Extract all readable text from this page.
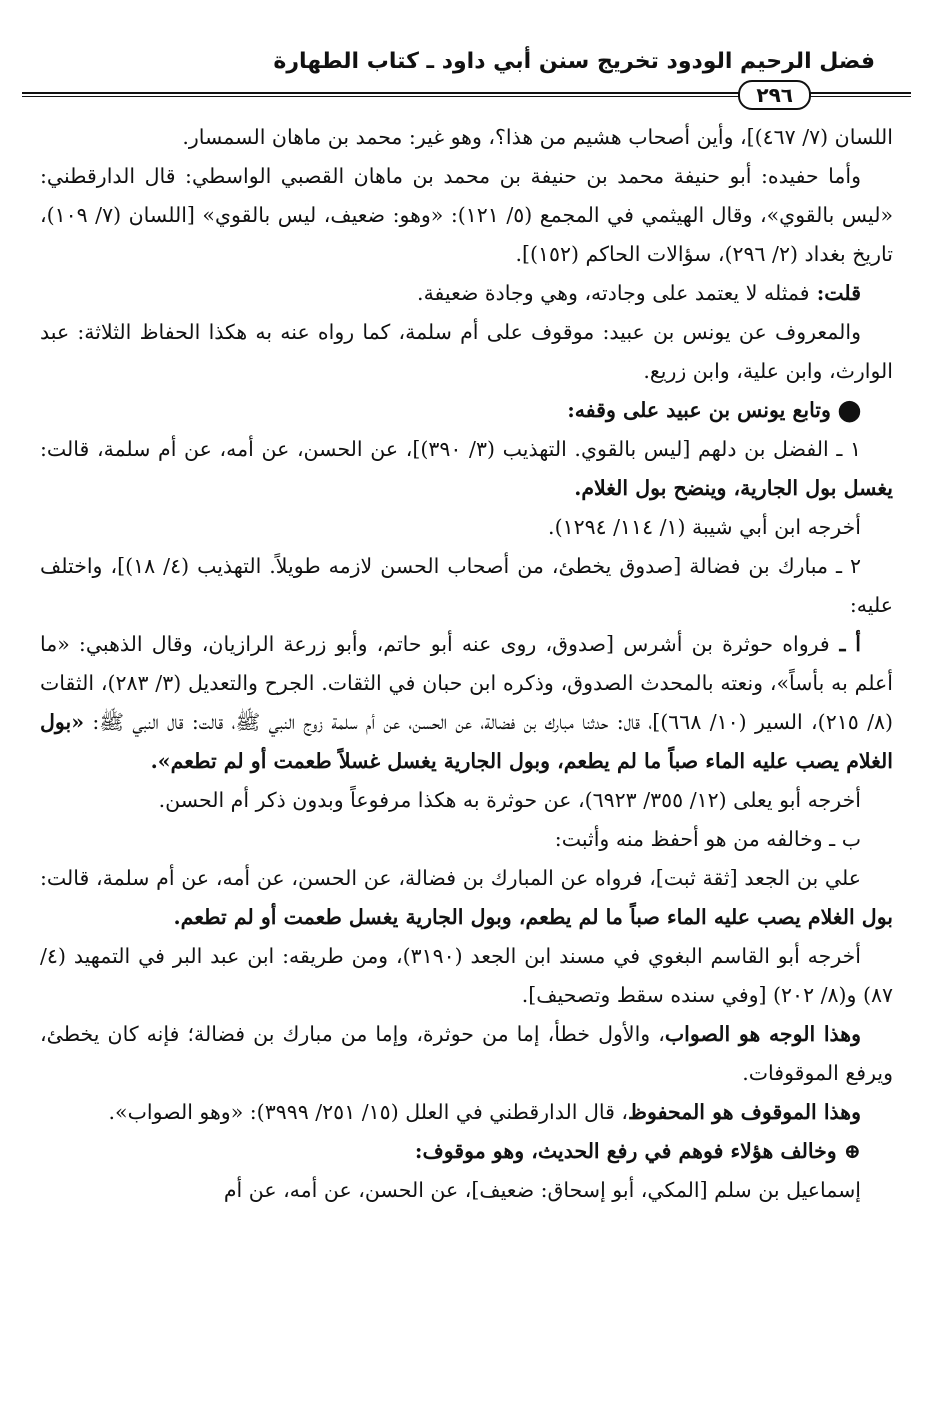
فضل الرحيم الودود تخريج سنن أبي داود ـ كتاب الطهارة
٢٩٦

اللسان (٧/ ٤٦٧)]، وأين أصحاب هشيم من هذا؟، وهو غير: محمد بن ماهان السمسار.

وأما حفيده: أبو حنيفة محمد بن حنيفة بن محمد بن ماهان القصبي الواسطي: قال الدارقطني: «ليس بالقوي»، وقال الهيثمي في المجمع (٥/ ١٢١): «وهو: ضعيف، ليس بالقوي» [اللسان (٧/ ١٠٩)، تاريخ بغداد (٢/ ٢٩٦)، سؤالات الحاكم (١٥٢)].

قلت: فمثله لا يعتمد على وجادته، وهي وجادة ضعيفة.

والمعروف عن يونس بن عبيد: موقوف على أم سلمة، كما رواه عنه به هكذا الحفاظ الثلاثة: عبد الوارث، وابن علية، وابن زريع.

⬤ وتابع يونس بن عبيد على وقفه:

١ ـ الفضل بن دلهم [ليس بالقوي. التهذيب (٣/ ٣٩٠)]، عن الحسن، عن أمه، عن أم سلمة، قالت: يغسل بول الجارية، وينضح بول الغلام.

أخرجه ابن أبي شيبة (١/ ١١٤/ ١٢٩٤).

٢ ـ مبارك بن فضالة [صدوق يخطئ، من أصحاب الحسن لازمه طويلاً. التهذيب (٤/ ١٨)]، واختلف عليه:

أ ـ فرواه حوثرة بن أشرس [صدوق، روى عنه أبو حاتم، وأبو زرعة الرازيان، وقال الذهبي: «ما أعلم به بأساً»، ونعته بالمحدث الصدوق، وذكره ابن حبان في الثقات. الجرح والتعديل (٣/ ٢٨٣)، الثقات (٨/ ٢١٥)، السير (١٠/ ٦٦٨)]، قال: حدثنا مبارك بن فضالة، عن الحسن، عن أم سلمة زوج النبي ﷺ، قالت: قال النبي ﷺ: «بول الغلام يصب عليه الماء صباً ما لم يطعم، وبول الجارية يغسل غسلاً طعمت أو لم تطعم».

أخرجه أبو يعلى (١٢/ ٣٥٥/ ٦٩٢٣)، عن حوثرة به هكذا مرفوعاً وبدون ذكر أم الحسن.

ب ـ وخالفه من هو أحفظ منه وأثبت:

علي بن الجعد [ثقة ثبت]، فرواه عن المبارك بن فضالة، عن الحسن، عن أمه، عن أم سلمة، قالت: بول الغلام يصب عليه الماء صباً ما لم يطعم، وبول الجارية يغسل طعمت أو لم تطعم.

أخرجه أبو القاسم البغوي في مسند ابن الجعد (٣١٩٠)، ومن طريقه: ابن عبد البر في التمهيد (٤/ ٨٧) و(٨/ ٢٠٢) [وفي سنده سقط وتصحيف].

وهذا الوجه هو الصواب، والأول خطأ، إما من حوثرة، وإما من مبارك بن فضالة؛ فإنه كان يخطئ، ويرفع الموقوفات.

وهذا الموقوف هو المحفوظ، قال الدارقطني في العلل (١٥/ ٢٥١/ ٣٩٩٩): «وهو الصواب».

⊕ وخالف هؤلاء فوهم في رفع الحديث، وهو موقوف:

إسماعيل بن سلم [المكي، أبو إسحاق: ضعيف]، عن الحسن، عن أمه، عن أم
